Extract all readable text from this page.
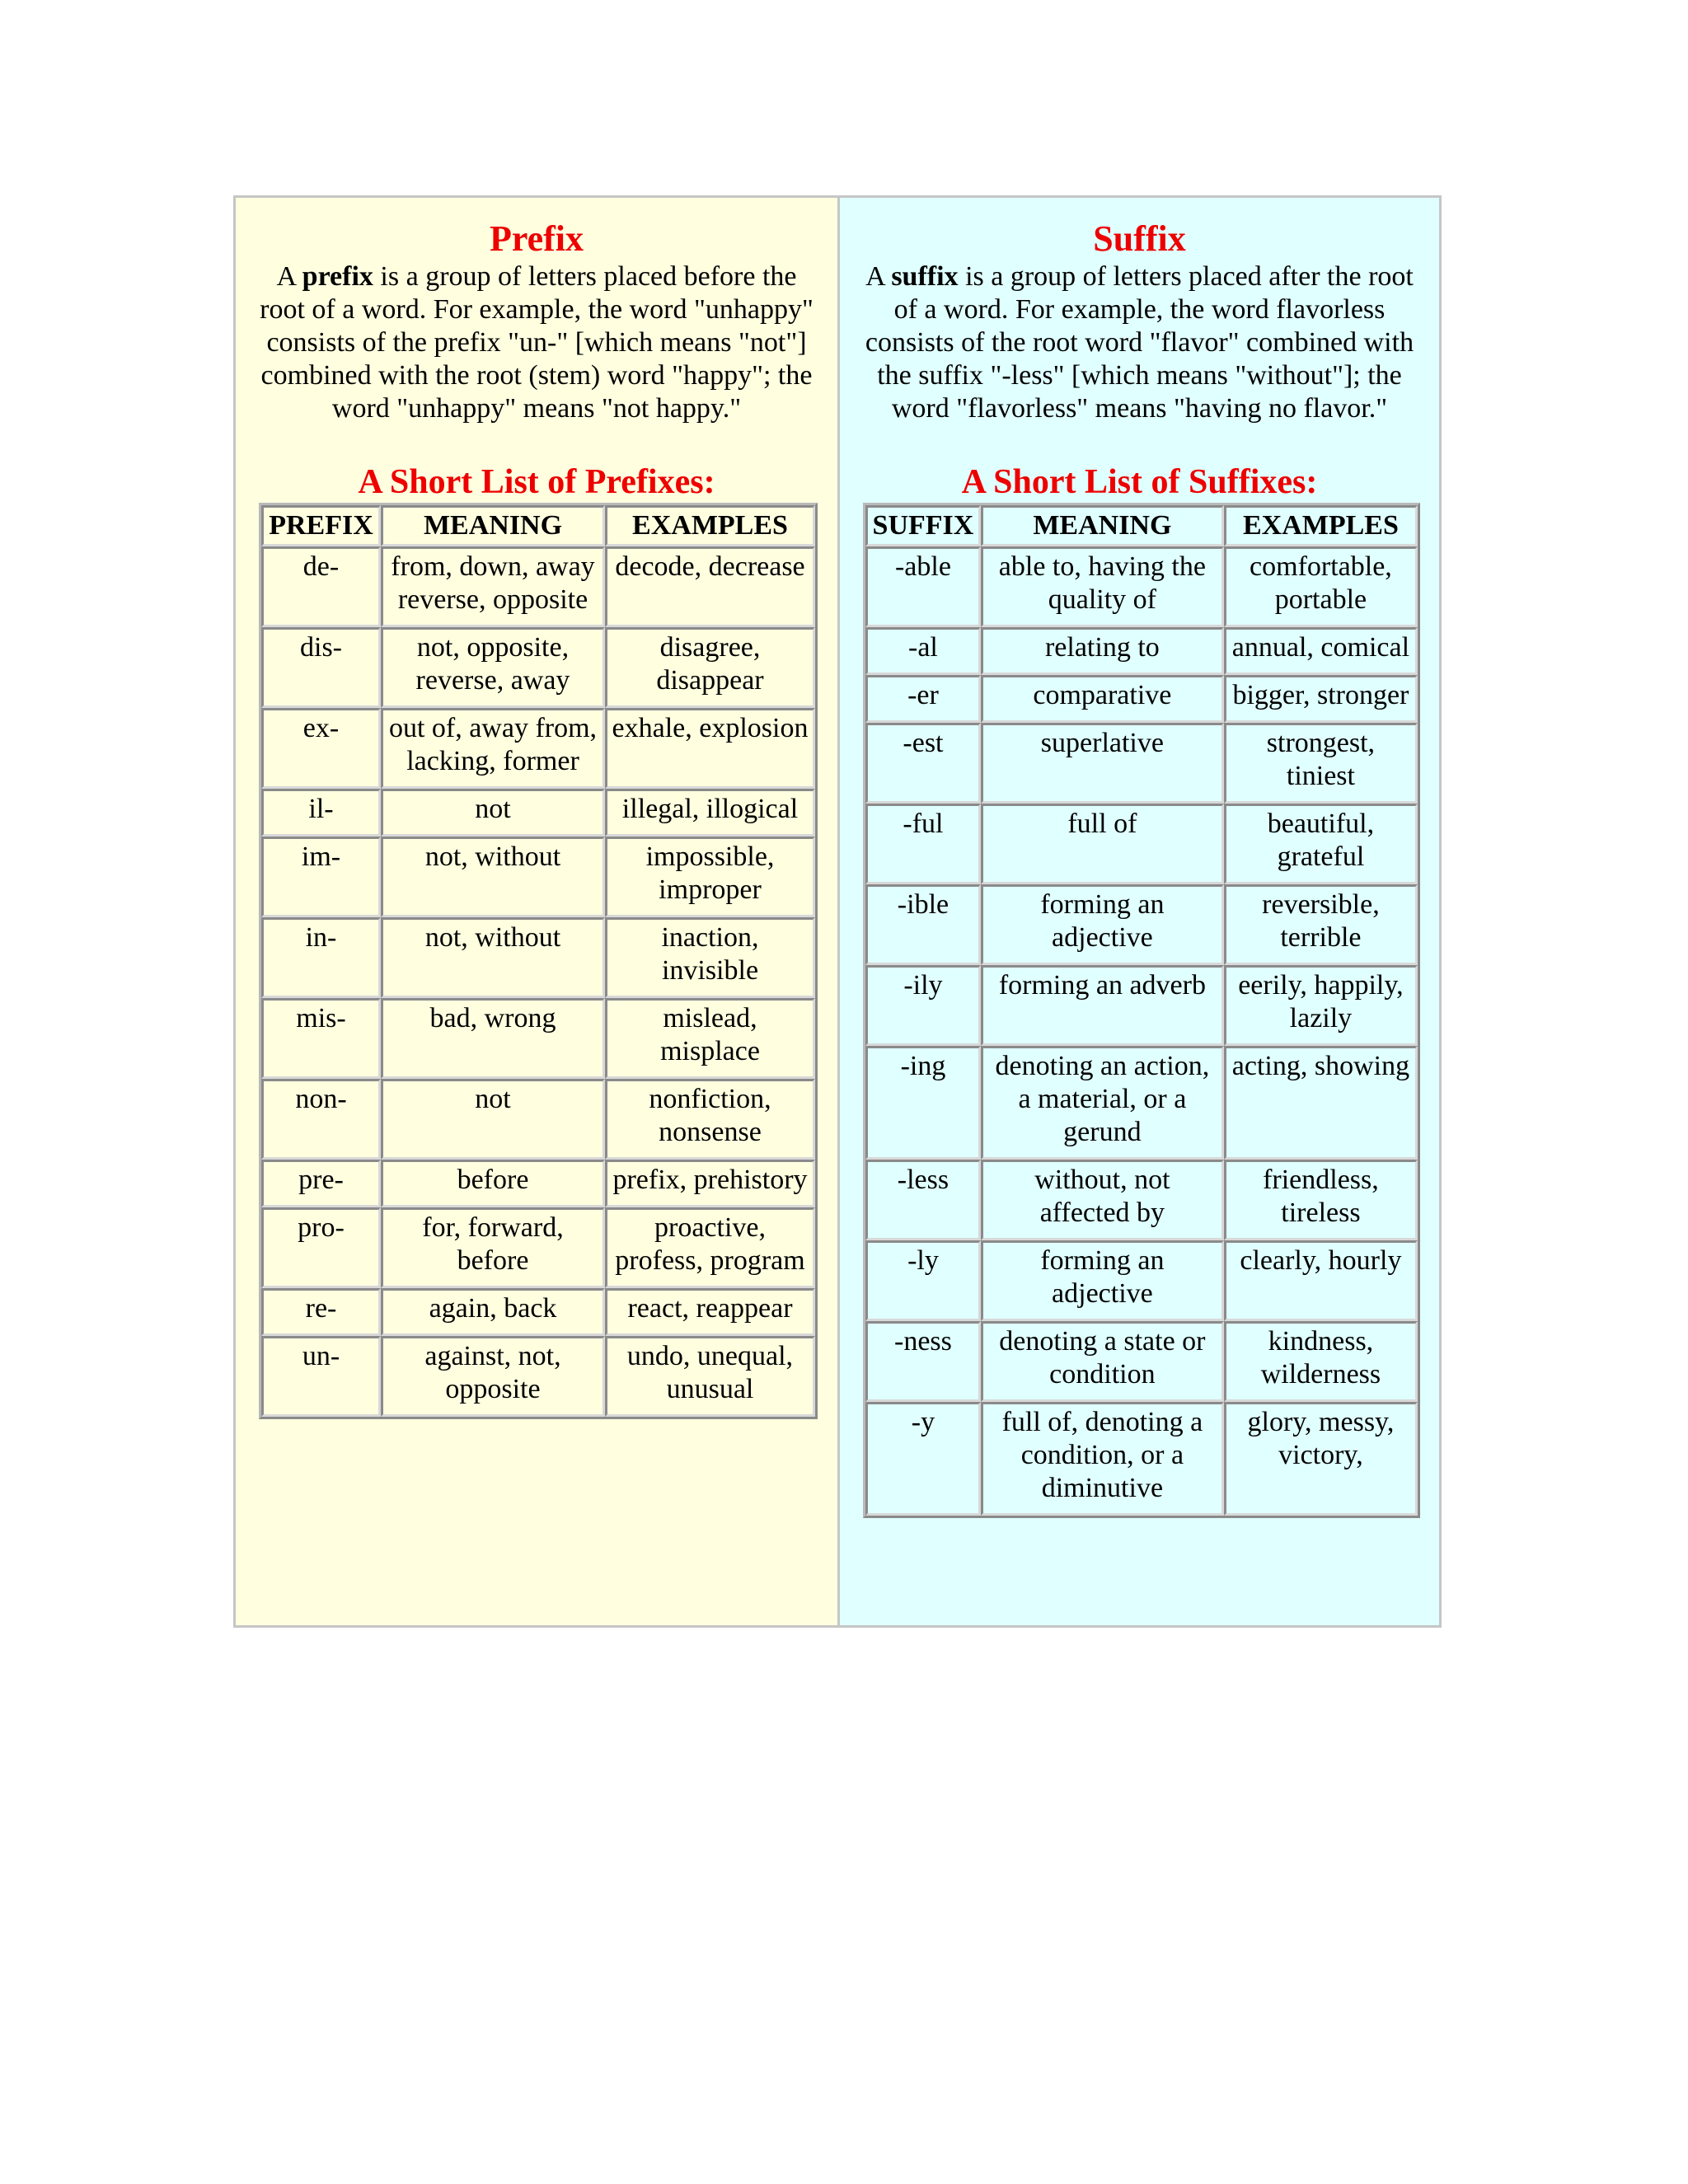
Prefix

A prefix is a group of letters placed before the root of a word. For example, the word "unhappy" consists of the prefix "un-" [which means "not"] combined with the root (stem) word "happy"; the word "unhappy" means "not happy."

A Short List of Prefixes:
PREFIX	MEANING	EXAMPLES
de-	from, down, away reverse, opposite	decode, decrease
dis-	not, opposite, reverse, away	disagree, disappear
ex-	out of, away from, lacking, former	exhale, explosion
il-	not	illegal, illogical
im-	not, without	impossible, improper
in-	not, without	inaction, invisible
mis-	bad, wrong	mislead, misplace
non-	not	nonfiction, nonsense
pre-	before	prefix, prehistory
pro-	for, forward, before	proactive, profess, program
re-	again, back	react, reappear
un-	against, not, opposite	undo, unequal, unusual
Suffix

A suffix is a group of letters placed after the root of a word. For example, the word flavorless consists of the root word "flavor" combined with the suffix "-less" [which means "without"]; the word "flavorless" means "having no flavor."

A Short List of Suffixes:
SUFFIX	MEANING	EXAMPLES
-able	able to, having the quality of	comfortable, portable
-al	relating to	annual, comical
-er	comparative	bigger, stronger
-est	superlative	strongest, tiniest
-ful	full of	beautiful, grateful
-ible	forming an adjective	reversible, terrible
-ily	forming an adverb	eerily, happily, lazily
-ing	denoting an action, a material, or a gerund	acting, showing
-less	without, not affected by	friendless, tireless
-ly	forming an adjective	clearly, hourly
-ness	denoting a state or condition	kindness, wilderness
-y	full of, denoting a condition, or a diminutive	glory, messy, victory,
